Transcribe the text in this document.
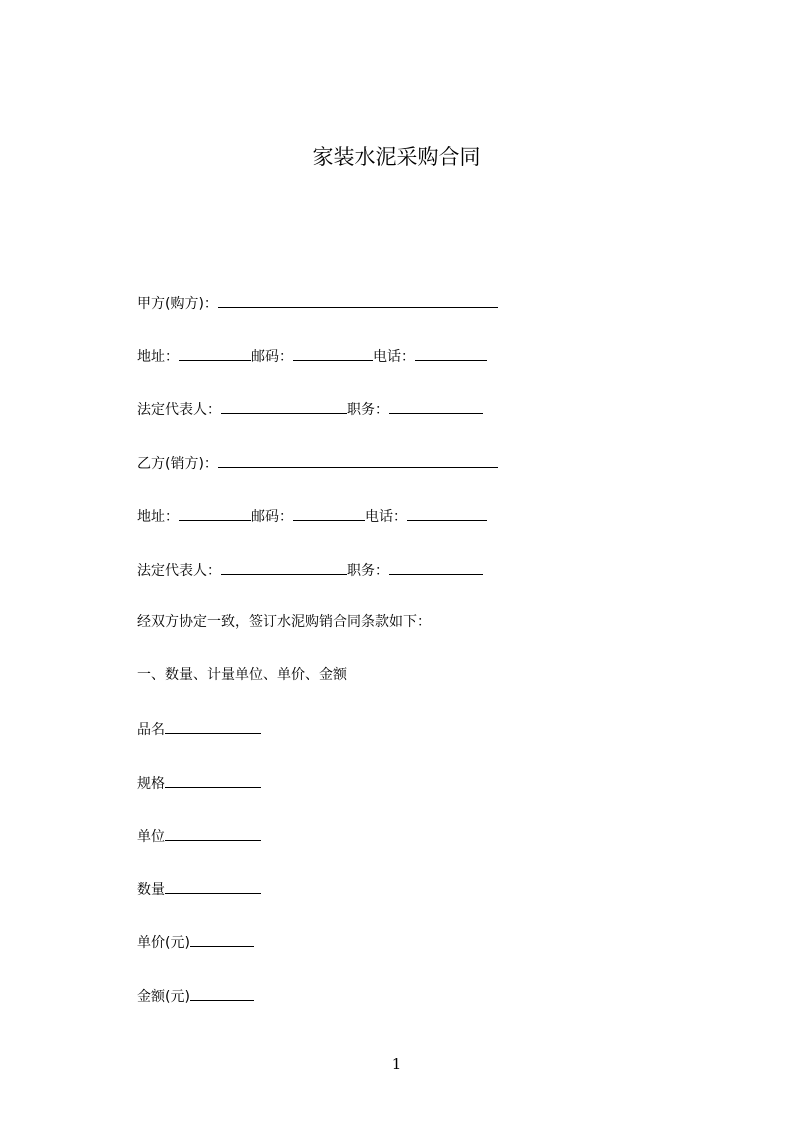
家装水泥采购合同
甲方(购方)：
地址：	邮码：	电话：
法定代表人：	职务：
乙方(销方)：
地址：	邮码：	电话：
法定代表人：	职务：
经双方协定一致，签订水泥购销合同条款如下：
一、数量、计量单位、单价、金额
品名
规格
单位
数量
单价(元)
金额(元)
1
